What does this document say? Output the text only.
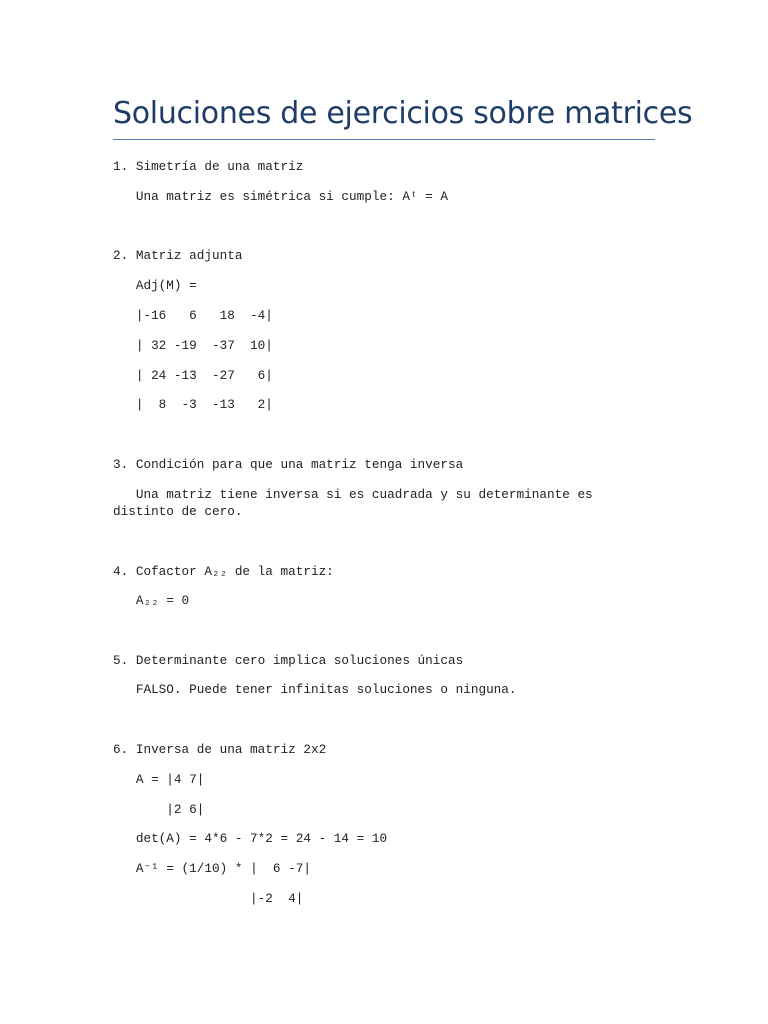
Soluciones de ejercicios sobre matrices

1. Simetría de una matriz

Una matriz es simétrica si cumple: Aᵗ = A

2. Matriz adjunta

Adj(M) =

|-16   6   18  -4|

| 32 -19  -37  10|

| 24 -13  -27   6|

|  8  -3  -13   2|

3. Condición para que una matriz tenga inversa

Una matriz tiene inversa si es cuadrada y su determinante es distinto de cero.

4. Cofactor A₂₂ de la matriz:

A₂₂ = 0

5. Determinante cero implica soluciones únicas

FALSO. Puede tener infinitas soluciones o ninguna.

6. Inversa de una matriz 2x2

A = |4 7|

|2 6|

det(A) = 4*6 - 7*2 = 24 - 14 = 10

A⁻¹ = (1/10) * |  6 -7|

|-2  4|
